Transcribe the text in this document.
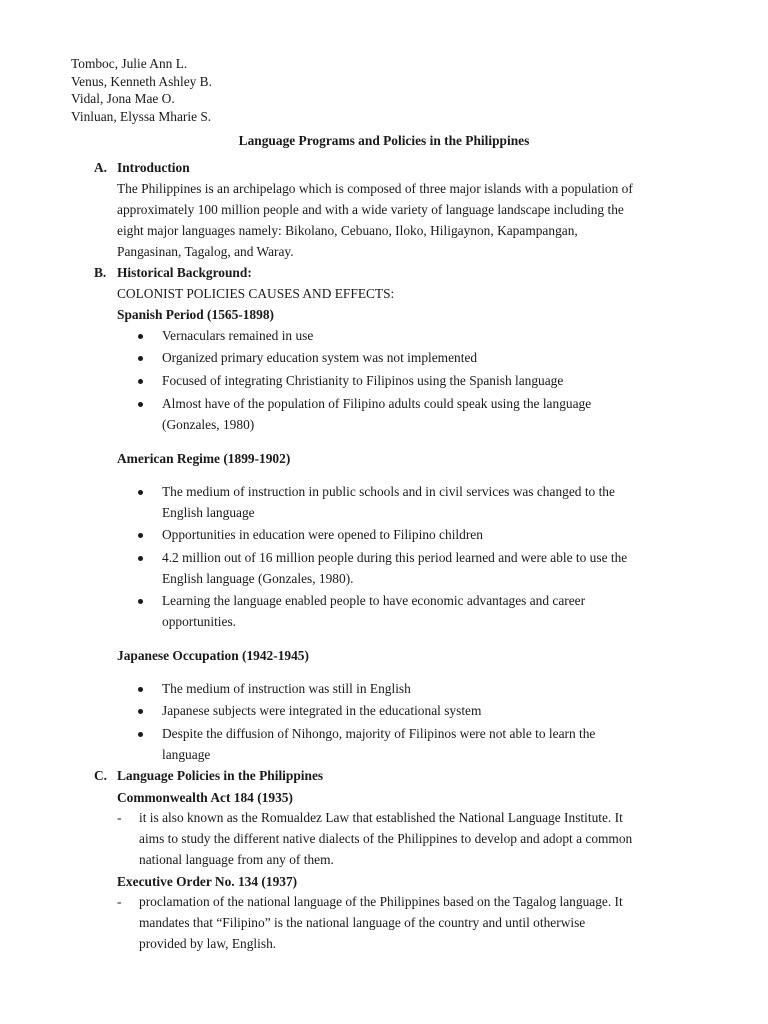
Tomboc, Julie Ann L.
Venus, Kenneth Ashley B.
Vidal, Jona Mae O.
Vinluan, Elyssa Mharie S.
Language Programs and Policies in the Philippines
A. Introduction
The Philippines is an archipelago which is composed of three major islands with a population of
approximately 100 million people and with a wide variety of language landscape including the
eight major languages namely: Bikolano, Cebuano, Iloko, Hiligaynon, Kapampangan,
Pangasinan, Tagalog, and Waray.
B. Historical Background:
COLONIST POLICIES CAUSES AND EFFECTS:
Spanish Period (1565-1898)
Vernaculars remained in use
Organized primary education system was not implemented
Focused of integrating Christianity to Filipinos using the Spanish language
Almost have of the population of Filipino adults could speak using the language
(Gonzales, 1980)
American Regime (1899-1902)
The medium of instruction in public schools and in civil services was changed to the
English language
Opportunities in education were opened to Filipino children
4.2 million out of 16 million people during this period learned and were able to use the
English language (Gonzales, 1980).
Learning the language enabled people to have economic advantages and career
opportunities.
Japanese Occupation (1942-1945)
The medium of instruction was still in English
Japanese subjects were integrated in the educational system
Despite the diffusion of Nihongo, majority of Filipinos were not able to learn the
language
C. Language Policies in the Philippines
Commonwealth Act 184 (1935)
- it is also known as the Romualdez Law that established the National Language Institute. It
aims to study the different native dialects of the Philippines to develop and adopt a common
national language from any of them.
Executive Order No. 134 (1937)
- proclamation of the national language of the Philippines based on the Tagalog language. It
mandates that “Filipino” is the national language of the country and until otherwise
provided by law, English.
